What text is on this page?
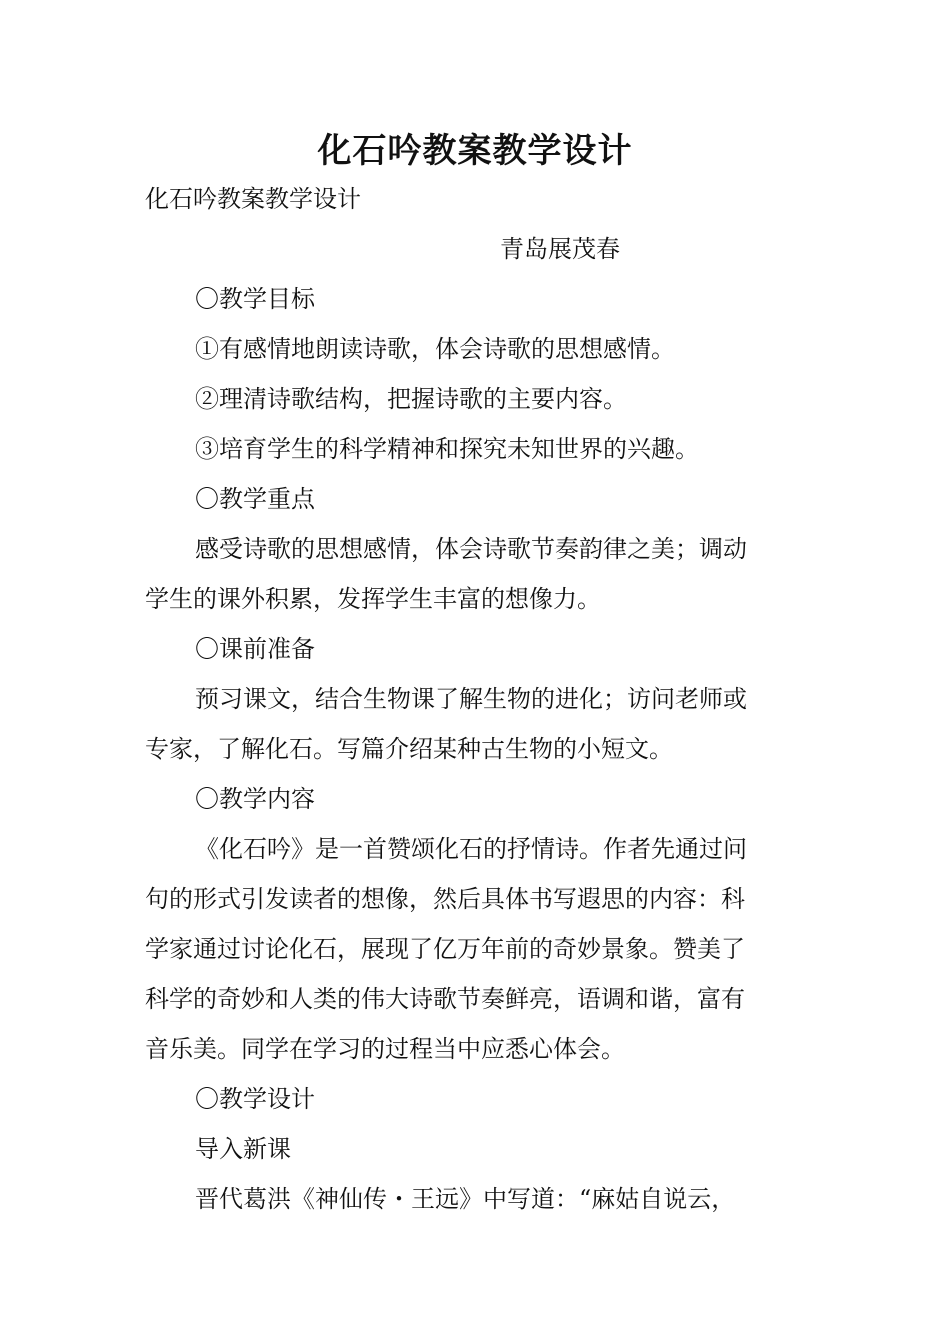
化石吟教案教学设计
化石吟教案教学设计
青岛展茂春
〇教学目标
①有感情地朗读诗歌，体会诗歌的思想感情。
②理清诗歌结构，把握诗歌的主要内容。
③培育学生的科学精神和探究未知世界的兴趣。
〇教学重点
感受诗歌的思想感情，体会诗歌节奏韵律之美；调动
学生的课外积累，发挥学生丰富的想像力。
〇课前准备
预习课文，结合生物课了解生物的进化；访问老师或
专家，了解化石。写篇介绍某种古生物的小短文。
〇教学内容
《化石吟》是一首赞颂化石的抒情诗。作者先通过问
句的形式引发读者的想像，然后具体书写遐思的内容：科
学家通过讨论化石，展现了亿万年前的奇妙景象。赞美了
科学的奇妙和人类的伟大诗歌节奏鲜亮，语调和谐，富有
音乐美。同学在学习的过程当中应悉心体会。
〇教学设计
导入新课
晋代葛洪《神仙传・王远》中写道：“麻姑自说云，
